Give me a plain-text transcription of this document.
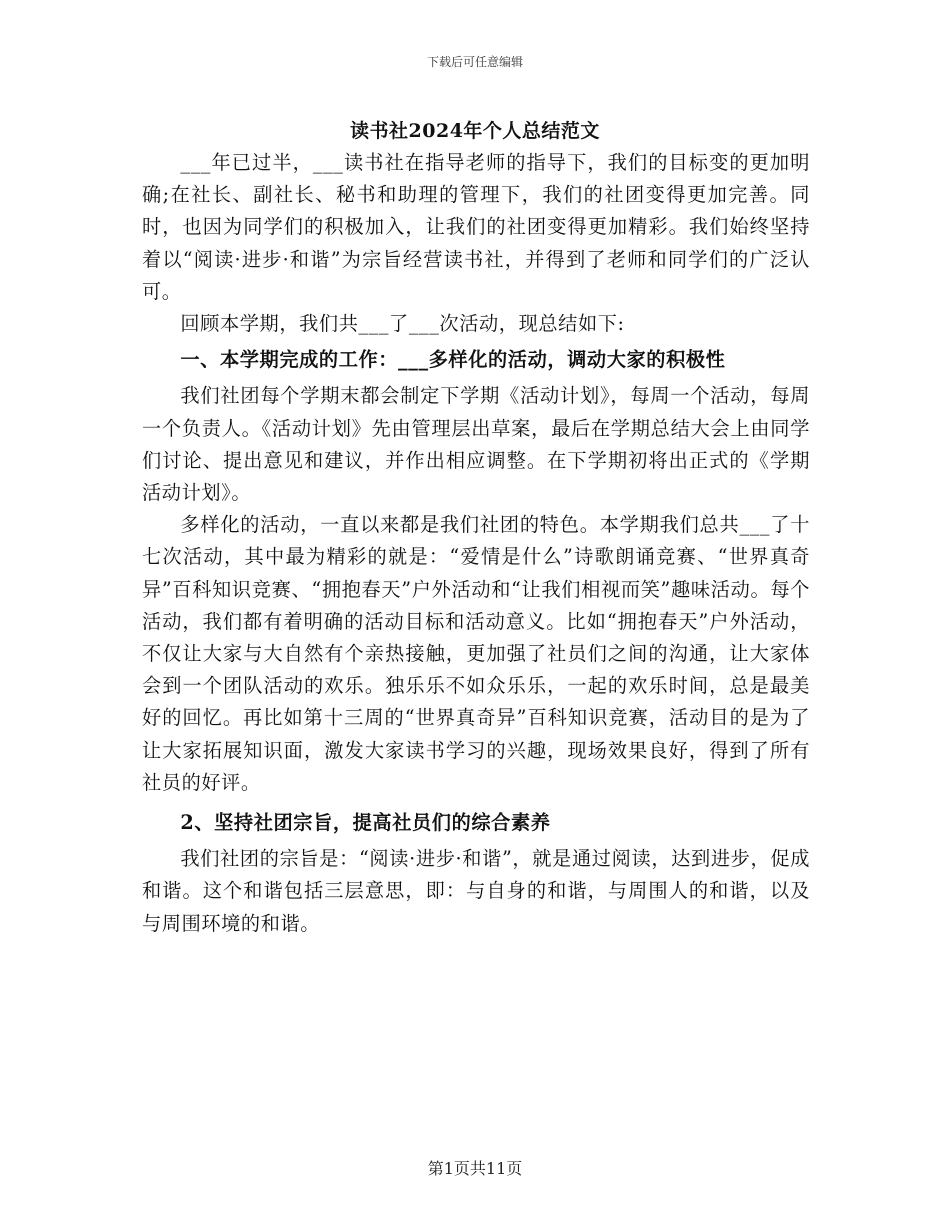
下载后可任意编辑
读书社2024年个人总结范文

___年已过半，___读书社在指导老师的指导下，我们的目标变的更加明确;在社长、副社长、秘书和助理的管理下，我们的社团变得更加完善。同时，也因为同学们的积极加入，让我们的社团变得更加精彩。我们始终坚持着以“阅读·进步·和谐”为宗旨经营读书社，并得到了老师和同学们的广泛认可。

回顾本学期，我们共___了___次活动，现总结如下:

一、本学期完成的工作：___多样化的活动，调动大家的积极性

我们社团每个学期末都会制定下学期《活动计划》，每周一个活动，每周一个负责人。《活动计划》先由管理层出草案，最后在学期总结大会上由同学们讨论、提出意见和建议，并作出相应调整。在下学期初将出正式的《学期活动计划》。

多样化的活动，一直以来都是我们社团的特色。本学期我们总共___了十七次活动，其中最为精彩的就是：“爱情是什么”诗歌朗诵竞赛、“世界真奇异”百科知识竞赛、“拥抱春天”户外活动和“让我们相视而笑”趣味活动。每个活动，我们都有着明确的活动目标和活动意义。比如“拥抱春天”户外活动，不仅让大家与大自然有个亲热接触，更加强了社员们之间的沟通，让大家体会到一个团队活动的欢乐。独乐乐不如众乐乐，一起的欢乐时间，总是最美好的回忆。再比如第十三周的“世界真奇异”百科知识竞赛，活动目的是为了让大家拓展知识面，激发大家读书学习的兴趣，现场效果良好，得到了所有社员的好评。

2、坚持社团宗旨，提高社员们的综合素养

我们社团的宗旨是：“阅读·进步·和谐”，就是通过阅读，达到进步，促成和谐。这个和谐包括三层意思，即：与自身的和谐，与周围人的和谐，以及与周围环境的和谐。

第1页共11页
